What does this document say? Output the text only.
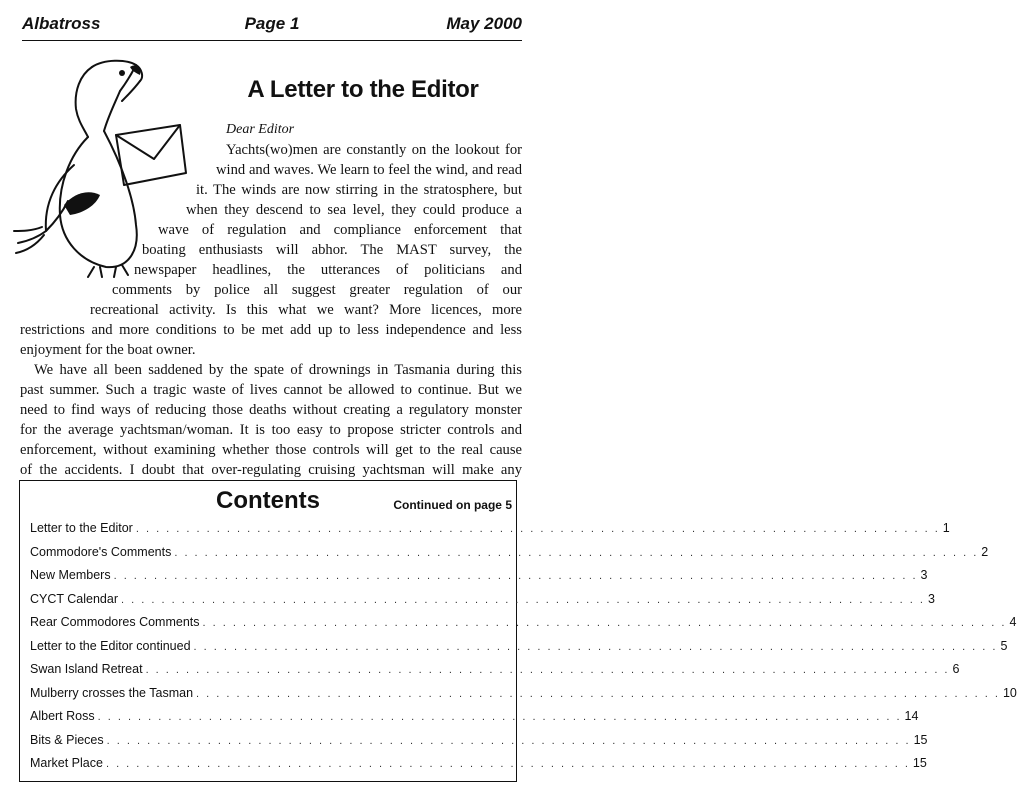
Albatross	Page 1	May 2000
A Letter to the Editor
Dear Editor
Yachts(wo)men are constantly on the lookout for
wind and waves. We learn to feel the wind, and read
it. The winds are now stirring in the stratosphere, but
when they descend to sea level, they could produce a
wave of regulation and compliance enforcement that
boating enthusiasts will abhor. The MAST survey, the
newspaper headlines, the utterances of politicians and
comments by police all suggest greater regulation of our
recreational activity. Is this what we want? More licences, more
restrictions and more conditions to be met add up to less independence and less
enjoyment for the boat owner.
We have all been saddened by the spate of drownings in Tasmania during this
past summer. Such a tragic waste of lives cannot be allowed to continue. But we
need to find ways of reducing those deaths without creating a regulatory monster
for the average yachtsman/woman. It is too easy to propose stricter controls and
enforcement, without examining whether those controls will get to the real cause
of the accidents. I doubt that over-regulating cruising yachtsman will make any
Continued on page 5
Contents
Letter to the Editor . . . . . . . . . . . . . . . . . . . . . . . . . . . . . . . . . . . . . . . . . . . . . . . . . . . . . . . . . . . . . . . . . . . . . . . . . . . . . . . . 1
Commodore's Comments . . . . . . . . . . . . . . . . . . . . . . . . . . . . . . . . . . . . . . . . . . . . . . . . . . . . . . . . . . . . . . . . . . . . . . . . . . . . . . . . 2
New Members . . . . . . . . . . . . . . . . . . . . . . . . . . . . . . . . . . . . . . . . . . . . . . . . . . . . . . . . . . . . . . . . . . . . . . . . . . . . . . . . 3
CYCT Calendar . . . . . . . . . . . . . . . . . . . . . . . . . . . . . . . . . . . . . . . . . . . . . . . . . . . . . . . . . . . . . . . . . . . . . . . . . . . . . . . . 3
Rear Commodores Comments . . . . . . . . . . . . . . . . . . . . . . . . . . . . . . . . . . . . . . . . . . . . . . . . . . . . . . . . . . . . . . . . . . . . . . . . . . . . . . . . 4
Letter to the Editor continued . . . . . . . . . . . . . . . . . . . . . . . . . . . . . . . . . . . . . . . . . . . . . . . . . . . . . . . . . . . . . . . . . . . . . . . . . . . . . . . . 5
Swan Island Retreat . . . . . . . . . . . . . . . . . . . . . . . . . . . . . . . . . . . . . . . . . . . . . . . . . . . . . . . . . . . . . . . . . . . . . . . . . . . . . . . . 6
Mulberry crosses the Tasman . . . . . . . . . . . . . . . . . . . . . . . . . . . . . . . . . . . . . . . . . . . . . . . . . . . . . . . . . . . . . . . . . . . . . . . . . . . . . . . . 10
Albert Ross . . . . . . . . . . . . . . . . . . . . . . . . . . . . . . . . . . . . . . . . . . . . . . . . . . . . . . . . . . . . . . . . . . . . . . . . . . . . . . . . 14
Bits & Pieces . . . . . . . . . . . . . . . . . . . . . . . . . . . . . . . . . . . . . . . . . . . . . . . . . . . . . . . . . . . . . . . . . . . . . . . . . . . . . . . . 15
Market Place . . . . . . . . . . . . . . . . . . . . . . . . . . . . . . . . . . . . . . . . . . . . . . . . . . . . . . . . . . . . . . . . . . . . . . . . . . . . . . . . 15
